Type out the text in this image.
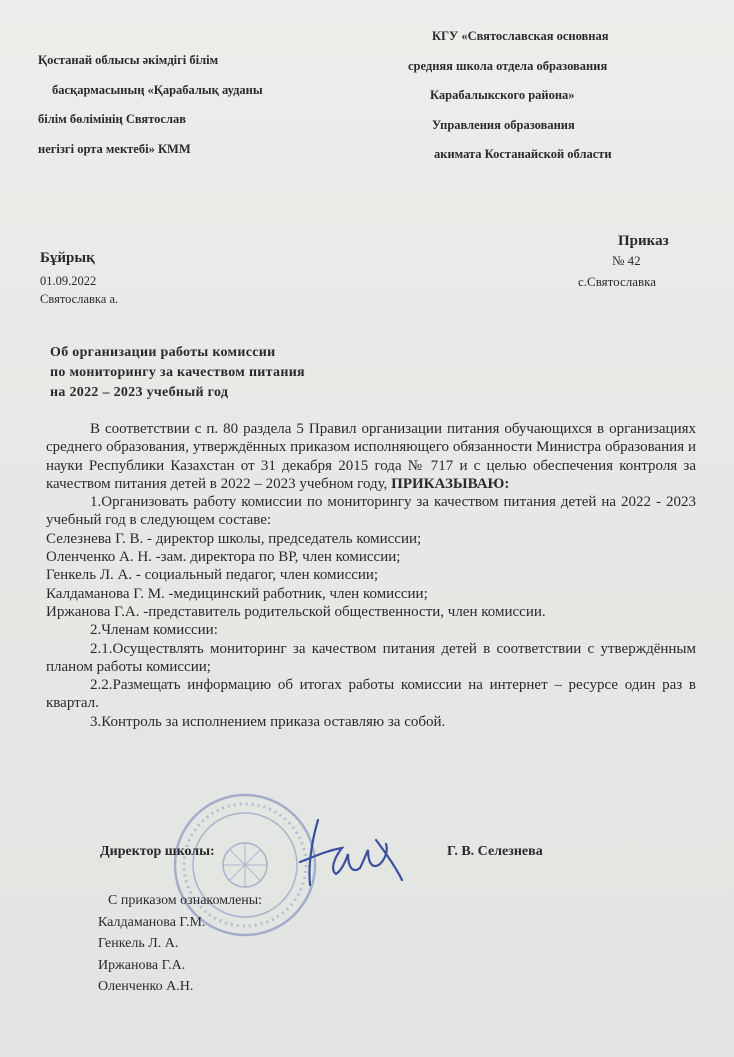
Қостанай облысы әкімдігі білім
басқармасының «Қарабалық ауданы
білім бөлімінің Святослав
негізгі орта мектебі» КММ
КГУ «Святославская основная
средняя школа отдела образования
Карабалыкского района»
Управления образования
акимата Костанайской области
Бұйрық
01.09.2022
Святославка а.
Приказ
№ 42
с.Святославка
Об организации работы комиссии
по мониторингу за качеством питания
на 2022 – 2023 учебный год

В соответствии с п. 80 раздела 5 Правил организации питания обучающихся в организациях среднего образования, утверждённых приказом исполняющего обязанности Министра образования и науки Республики Казахстан от 31 декабря 2015 года № 717 и с целью обеспечения контроля за качеством питания детей в 2022 – 2023 учебном году, ПРИКАЗЫВАЮ:

1.Организовать работу комиссии по мониторингу за качеством питания детей на 2022 - 2023 учебный год в следующем составе:

Селезнева Г. В. - директор школы, председатель комиссии;

Оленченко А. Н. -зам. директора по ВР, член комиссии;

Генкель Л. А. - социальный педагог, член комиссии;

Калдаманова Г. М. -медицинский работник, член комиссии;

Иржанова Г.А. -представитель родительской общественности, член комиссии.

2.Членам комиссии:

2.1.Осуществлять мониторинг за качеством питания детей в соответствии с утверждённым планом работы комиссии;

2.2.Размещать информацию об итогах работы комиссии на интернет – ресурсе один раз в квартал.

3.Контроль за исполнением приказа оставляю за собой.

Директор школы:	Г. В. Селезнева
С приказом ознакомлены:
Калдаманова Г.М.
Генкель Л. А.
Иржанова Г.А.
Оленченко А.Н.
